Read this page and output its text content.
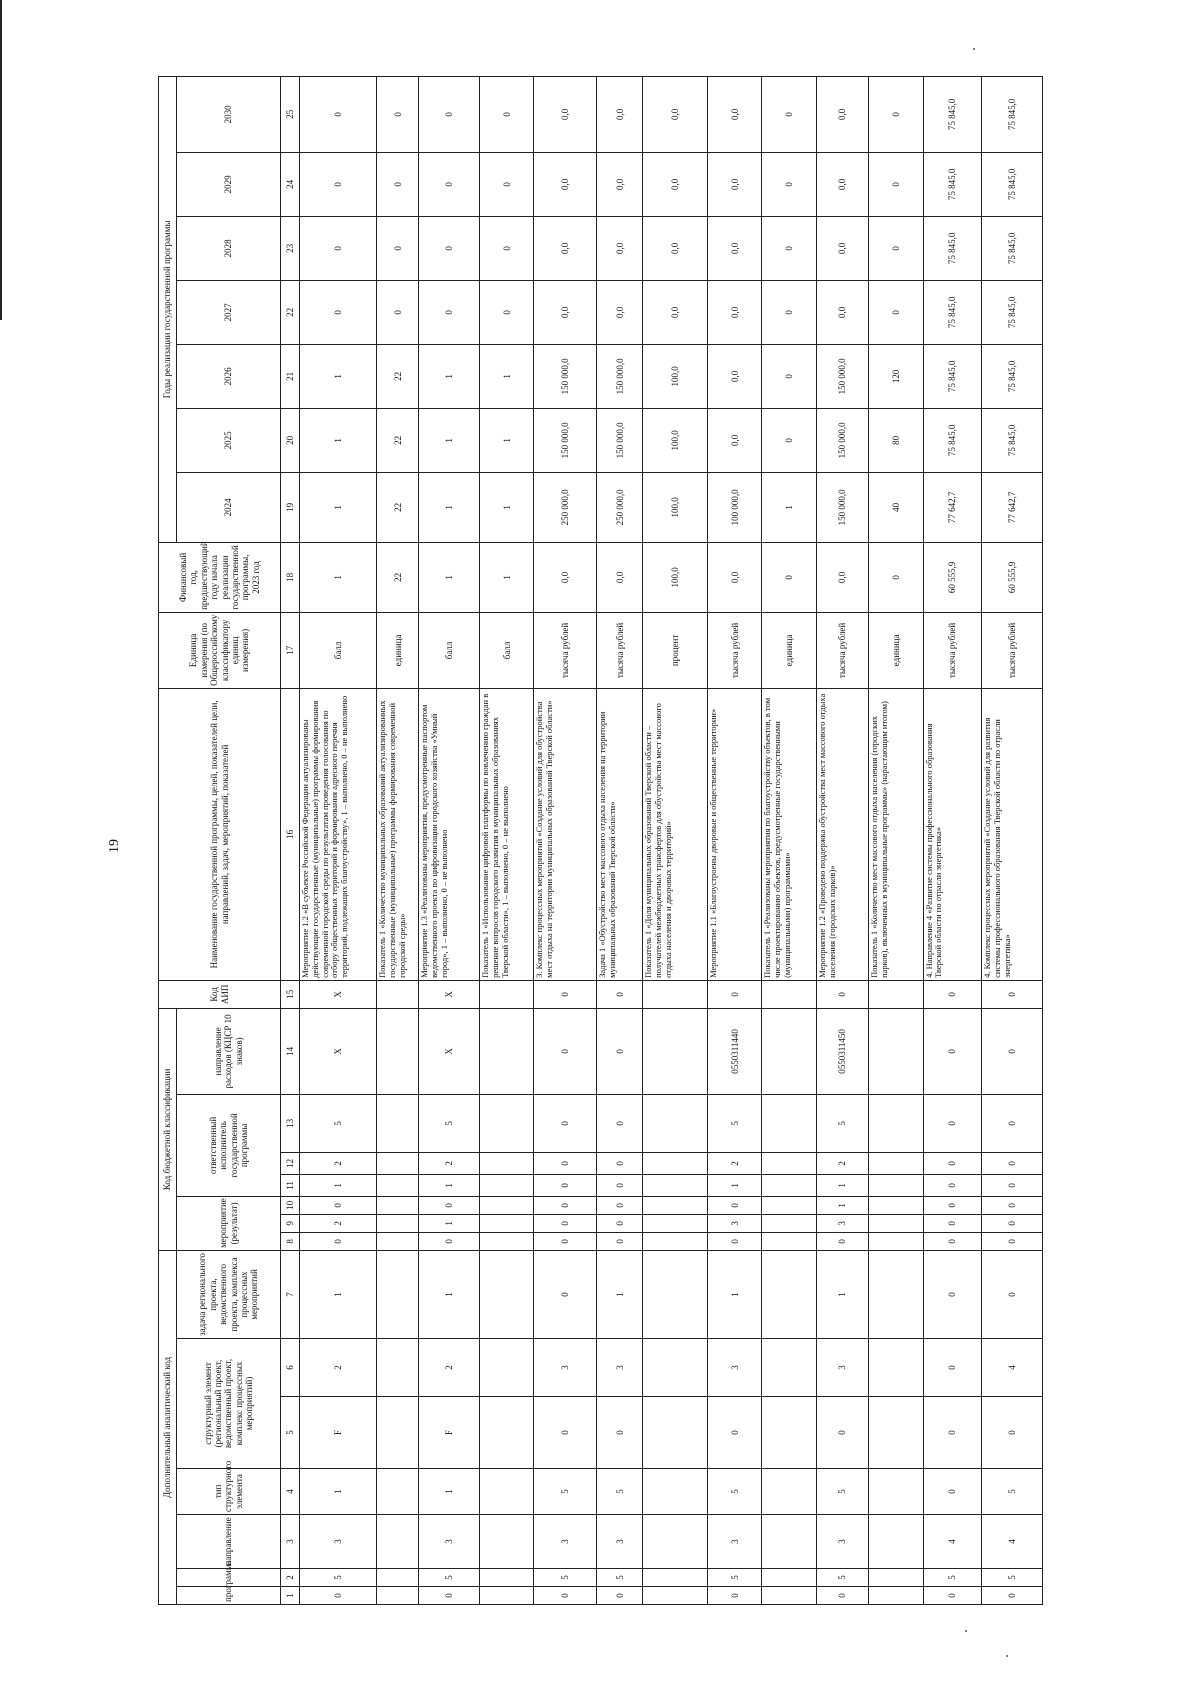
19
Дополнительный аналитический код							Код бюджетной классификации							Код АИП	Наименование государственной программы, целей, показателей цели, направлений, задач, мероприятий, показателей	Единица измерения (по Общероссийскому классификатору единиц измерения)	Финансовый год, предшествующий году начала реализации государственной программы, 2023 год	Годы реализации государственной программы						
программа		направление	тип структурного элемента	структурный элемент (региональный проект, ведомственный проект, комплекс процессных мероприятий)		задача регионального проекта, ведомственного проекта, комплекса процессных мероприятий	мероприятие (результат)			ответственный исполнитель государственной программы			направление расходов (КЦСР 10 знаков)					2024	2025	2026	2027	2028	2029	2030
1	2	3	4	5	6	7	8	9	10	11	12	13	14	15	16	17	18	19	20	21	22	23	24	25
0	5	3	1	F	2	1	0	2	0	1	2	5	X	X	Мероприятие 1.2 «В субъекте Российской Федерации актуализированы действующие государственные (муниципальные) программы формирования современной городской среды по результатам проведения голосования по отбору общественных территорий и формирования адресного перечня территорий, подлежащих благоустройству», 1 – выполнено, 0 – не выполнено	балл	1	1	1	1	0	0	0	0
															Показатель 1 «Количество муниципальных образований актуализированных государственные (муниципальные) программы формирования современной городской среды»	единица	22	22	22	22	0	0	0	0
0	5	3	1	F	2	1	0	1	0	1	2	5	X	X	Мероприятие 1.3 «Реализованы мероприятия, предусмотренные паспортом ведомственного проекта по цифровизации городского хозяйства «Умный город», 1 – выполнено, 0 – не выполнено	балл	1	1	1	1	0	0	0	0
															Показатель 1 «Использование цифровой платформы по вовлечению граждан в решение вопросов городского развития в муниципальных образованиях Тверской области», 1 – выполнено, 0 – не выполнено	балл	1	1	1	1	0	0	0	0
0	5	3	5	0	3	0	0	0	0	0	0	0	0	0	3. Комплекс процессных мероприятий «Создание условий для обустройства мест отдыха на территории муниципальных образований Тверской области»	тысяча рублей	0,0	250 000,0	150 000,0	150 000,0	0,0	0,0	0,0	0,0
0	5	3	5	0	3	1	0	0	0	0	0	0	0	0	Задача 1 «Обустройство мест массового отдыха населения на территории муниципальных образований Тверской области»	тысяча рублей	0,0	250 000,0	150 000,0	150 000,0	0,0	0,0	0,0	0,0
															Показатель 1 «Доля муниципальных образований Тверской области – получателей межбюджетных трансфертов для обустройства мест массового отдыха населения и дворовых территорий»	процент	100,0	100,0	100,0	100,0	0,0	0,0	0,0	0,0
0	5	3	5	0	3	1	0	3	0	1	2	5	0550311440	0	Мероприятие 1.1 «Благоустроены дворовые и общественные территории»	тысяча рублей	0,0	100 000,0	0,0	0,0	0,0	0,0	0,0	0,0
															Показатель 1 «Реализованы мероприятия по благоустройству объектов, в том числе проектированию объектов, предусмотренные государственными (муниципальными) программами»	единица	0	1	0	0	0	0	0	0
0	5	3	5	0	3	1	0	3	1	1	2	5	0550311450	0	Мероприятие 1.2 «Проведено поддержка обустройства мест массового отдыха населения (городских парков)»	тысяча рублей	0,0	150 000,0	150 000,0	150 000,0	0,0	0,0	0,0	0,0
															Показатель 1 «Количество мест массового отдыха населения (городских парков), включенных в муниципальные программы» (нарастающим итогом)	единица	0	40	80	120	0	0	0	0
0	5	4	0	0	0	0	0	0	0	0	0	0	0	0	4. Направление 4 «Развитие системы профессионального образования Тверской области по отрасли энергетика»	тысяча рублей	60 555,9	77 642,7	75 845,0	75 845,0	75 845,0	75 845,0	75 845,0	75 845,0
0	5	4	5	0	4	0	0	0	0	0	0	0	0	0	4. Комплекс процессных мероприятий «Создание условий для развития системы профессионального образования Тверской области по отрасли энергетика»	тысяча рублей	60 555,9	77 642,7	75 845,0	75 845,0	75 845,0	75 845,0	75 845,0	75 845,0
